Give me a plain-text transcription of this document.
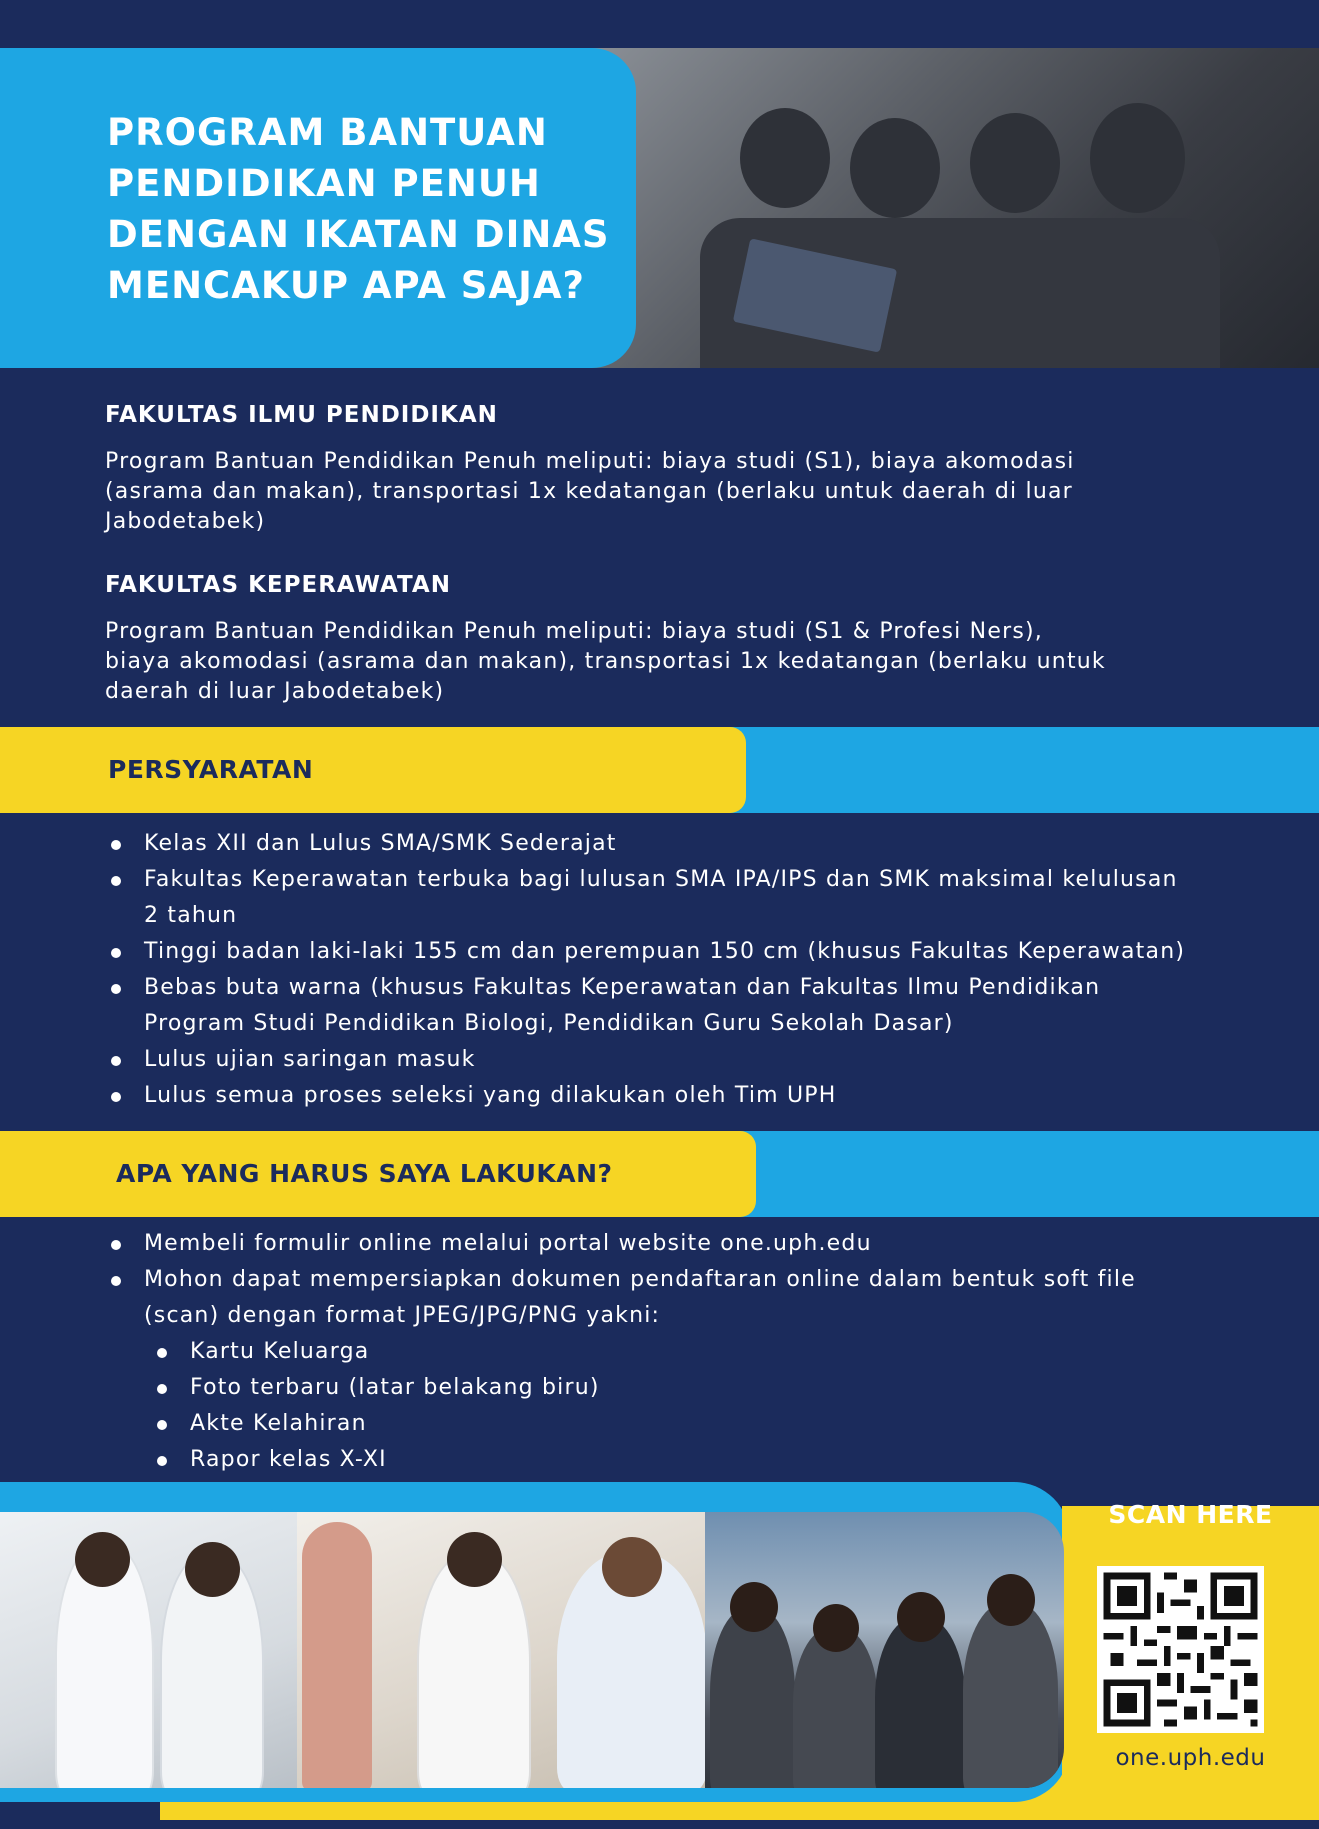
PROGRAM BANTUAN
PENDIDIKAN PENUH
DENGAN IKATAN DINAS
MENCAKUP APA SAJA?
FAKULTAS ILMU PENDIDIKAN

Program Bantuan Pendidikan Penuh meliputi: biaya studi (S1), biaya akomodasi
(asrama dan makan), transportasi 1x kedatangan (berlaku untuk daerah di luar
Jabodetabek)

FAKULTAS KEPERAWATAN

Program Bantuan Pendidikan Penuh meliputi: biaya studi (S1 & Profesi Ners),
biaya akomodasi (asrama dan makan), transportasi 1x kedatangan (berlaku untuk
daerah di luar Jabodetabek)

PERSYARATAN
Kelas XII dan Lulus SMA/SMK Sederajat
Fakultas Keperawatan terbuka bagi lulusan SMA IPA/IPS dan SMK maksimal kelulusan
2 tahun
Tinggi badan laki-laki 155 cm dan perempuan 150 cm (khusus Fakultas Keperawatan)
Bebas buta warna (khusus Fakultas Keperawatan dan Fakultas Ilmu Pendidikan
Program Studi Pendidikan Biologi, Pendidikan Guru Sekolah Dasar)
Lulus ujian saringan masuk
Lulus semua proses seleksi yang dilakukan oleh Tim UPH
APA YANG HARUS SAYA LAKUKAN?
Membeli formulir online melalui portal website one.uph.edu
Mohon dapat mempersiapkan dokumen pendaftaran online dalam bentuk soft file
(scan) dengan format JPEG/JPG/PNG yakni:
Kartu Keluarga
Foto terbaru (latar belakang biru)
Akte Kelahiran
Rapor kelas X-XI

SCAN HERE

one.uph.edu
